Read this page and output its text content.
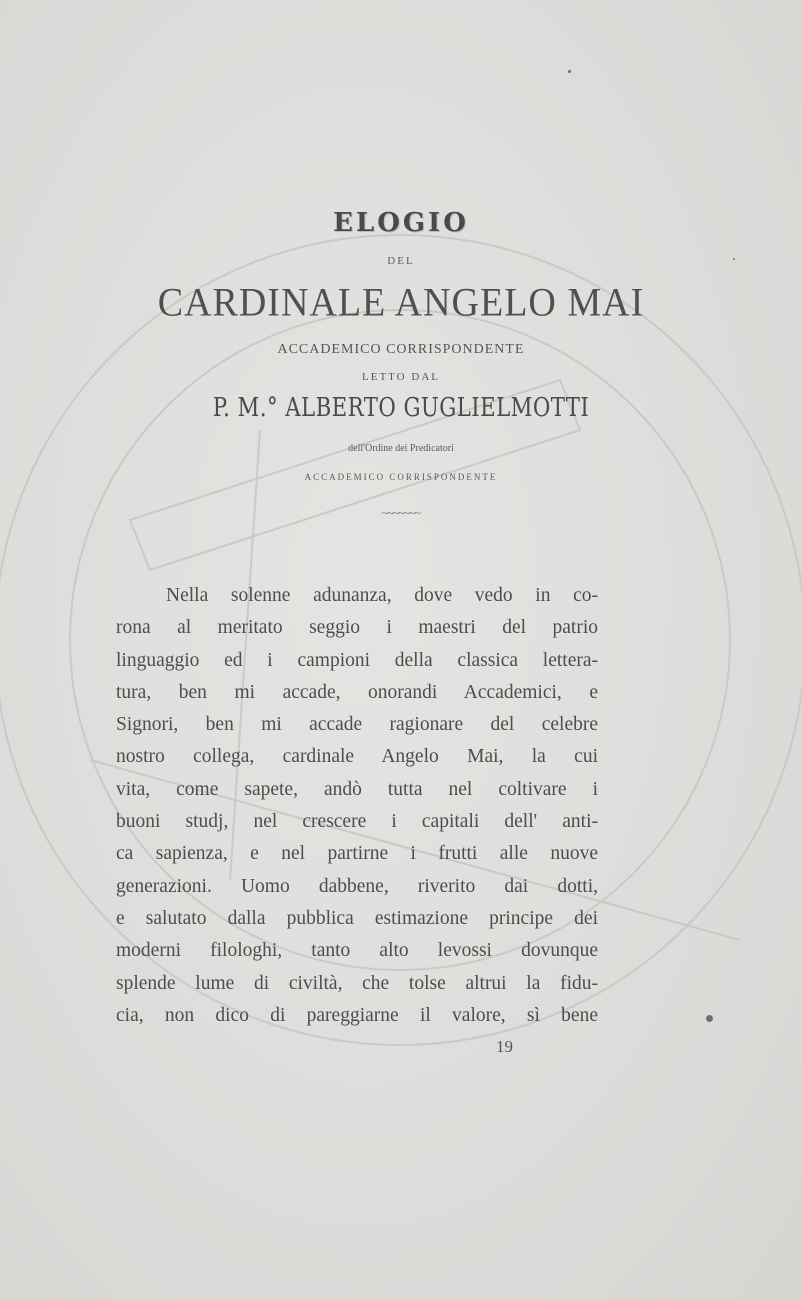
ELOGIO
DEL
CARDINALE ANGELO MAI
ACCADEMICO CORRISPONDENTE
LETTO DAL
P. M.° ALBERTO GUGLIELMOTTI
dell'Ordine dei Predicatori
ACCADEMICO CORRISPONDENTE
~~~~~~~
Nella solenne adunanza, dove vedo in co-
rona al meritato seggio i maestri del patrio
linguaggio ed i campioni della classica lettera-
tura, ben mi accade, onorandi Accademici, e
Signori, ben mi accade ragionare del celebre
nostro collega, cardinale Angelo Mai, la cui
vita, come sapete, andò tutta nel coltivare i
buoni studj, nel crescere i capitali dell' anti-
ca sapienza, e nel partirne i frutti alle nuove
generazioni. Uomo dabbene, riverito dai dotti,
e salutato dalla pubblica estimazione principe dei
moderni filologhi, tanto alto levossi dovunque
splende lume di civiltà, che tolse altrui la fidu-
cia, non dico di pareggiarne il valore, sì bene
19
